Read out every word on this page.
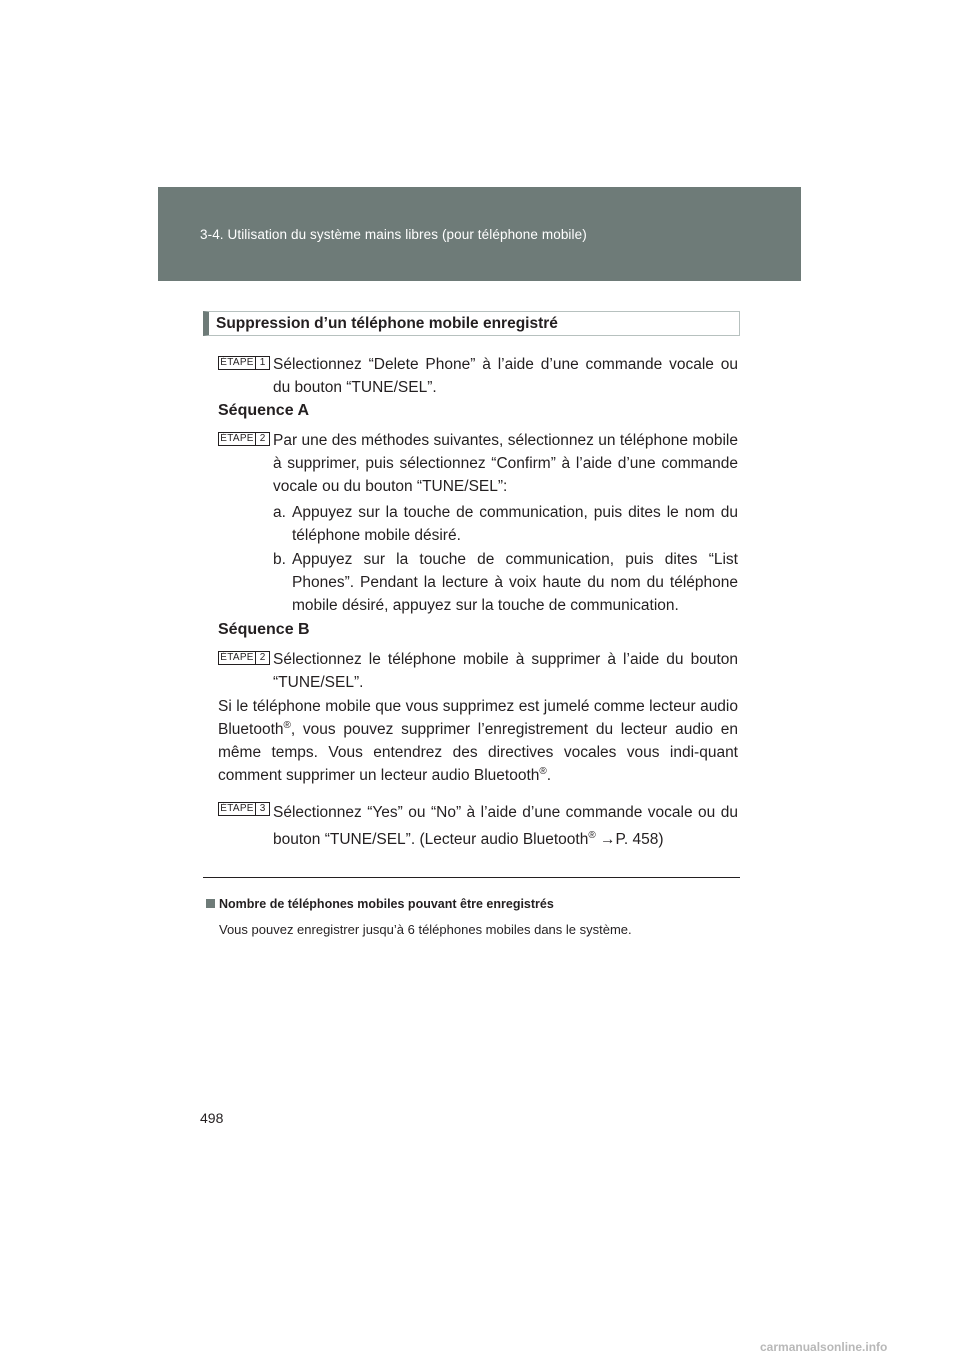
3-4. Utilisation du système mains libres (pour téléphone mobile)
Suppression d’un téléphone mobile enregistré
ÉTAPE 1 Sélectionnez “Delete Phone” à l’aide d’une commande vocale ou du bouton “TUNE/SEL”.
Séquence A
ÉTAPE 2 Par une des méthodes suivantes, sélectionnez un téléphone mobile à supprimer, puis sélectionnez “Confirm” à l’aide d’une commande vocale ou du bouton “TUNE/SEL”:
a. Appuyez sur la touche de communication, puis dites le nom du téléphone mobile désiré.
b. Appuyez sur la touche de communication, puis dites “List Phones”. Pendant la lecture à voix haute du nom du téléphone mobile désiré, appuyez sur la touche de communication.
Séquence B
ÉTAPE 2 Sélectionnez le téléphone mobile à supprimer à l’aide du bouton “TUNE/SEL”.
Si le téléphone mobile que vous supprimez est jumelé comme lecteur audio Bluetooth®, vous pouvez supprimer l’enregistrement du lecteur audio en même temps. Vous entendrez des directives vocales vous indi-quant comment supprimer un lecteur audio Bluetooth®.
ÉTAPE 3 Sélectionnez “Yes” ou “No” à l’aide d’une commande vocale ou du bouton “TUNE/SEL”. (Lecteur audio Bluetooth® →P. 458)
Nombre de téléphones mobiles pouvant être enregistrés
Vous pouvez enregistrer jusqu’à 6 téléphones mobiles dans le système.
498
carmanualsonline.info
